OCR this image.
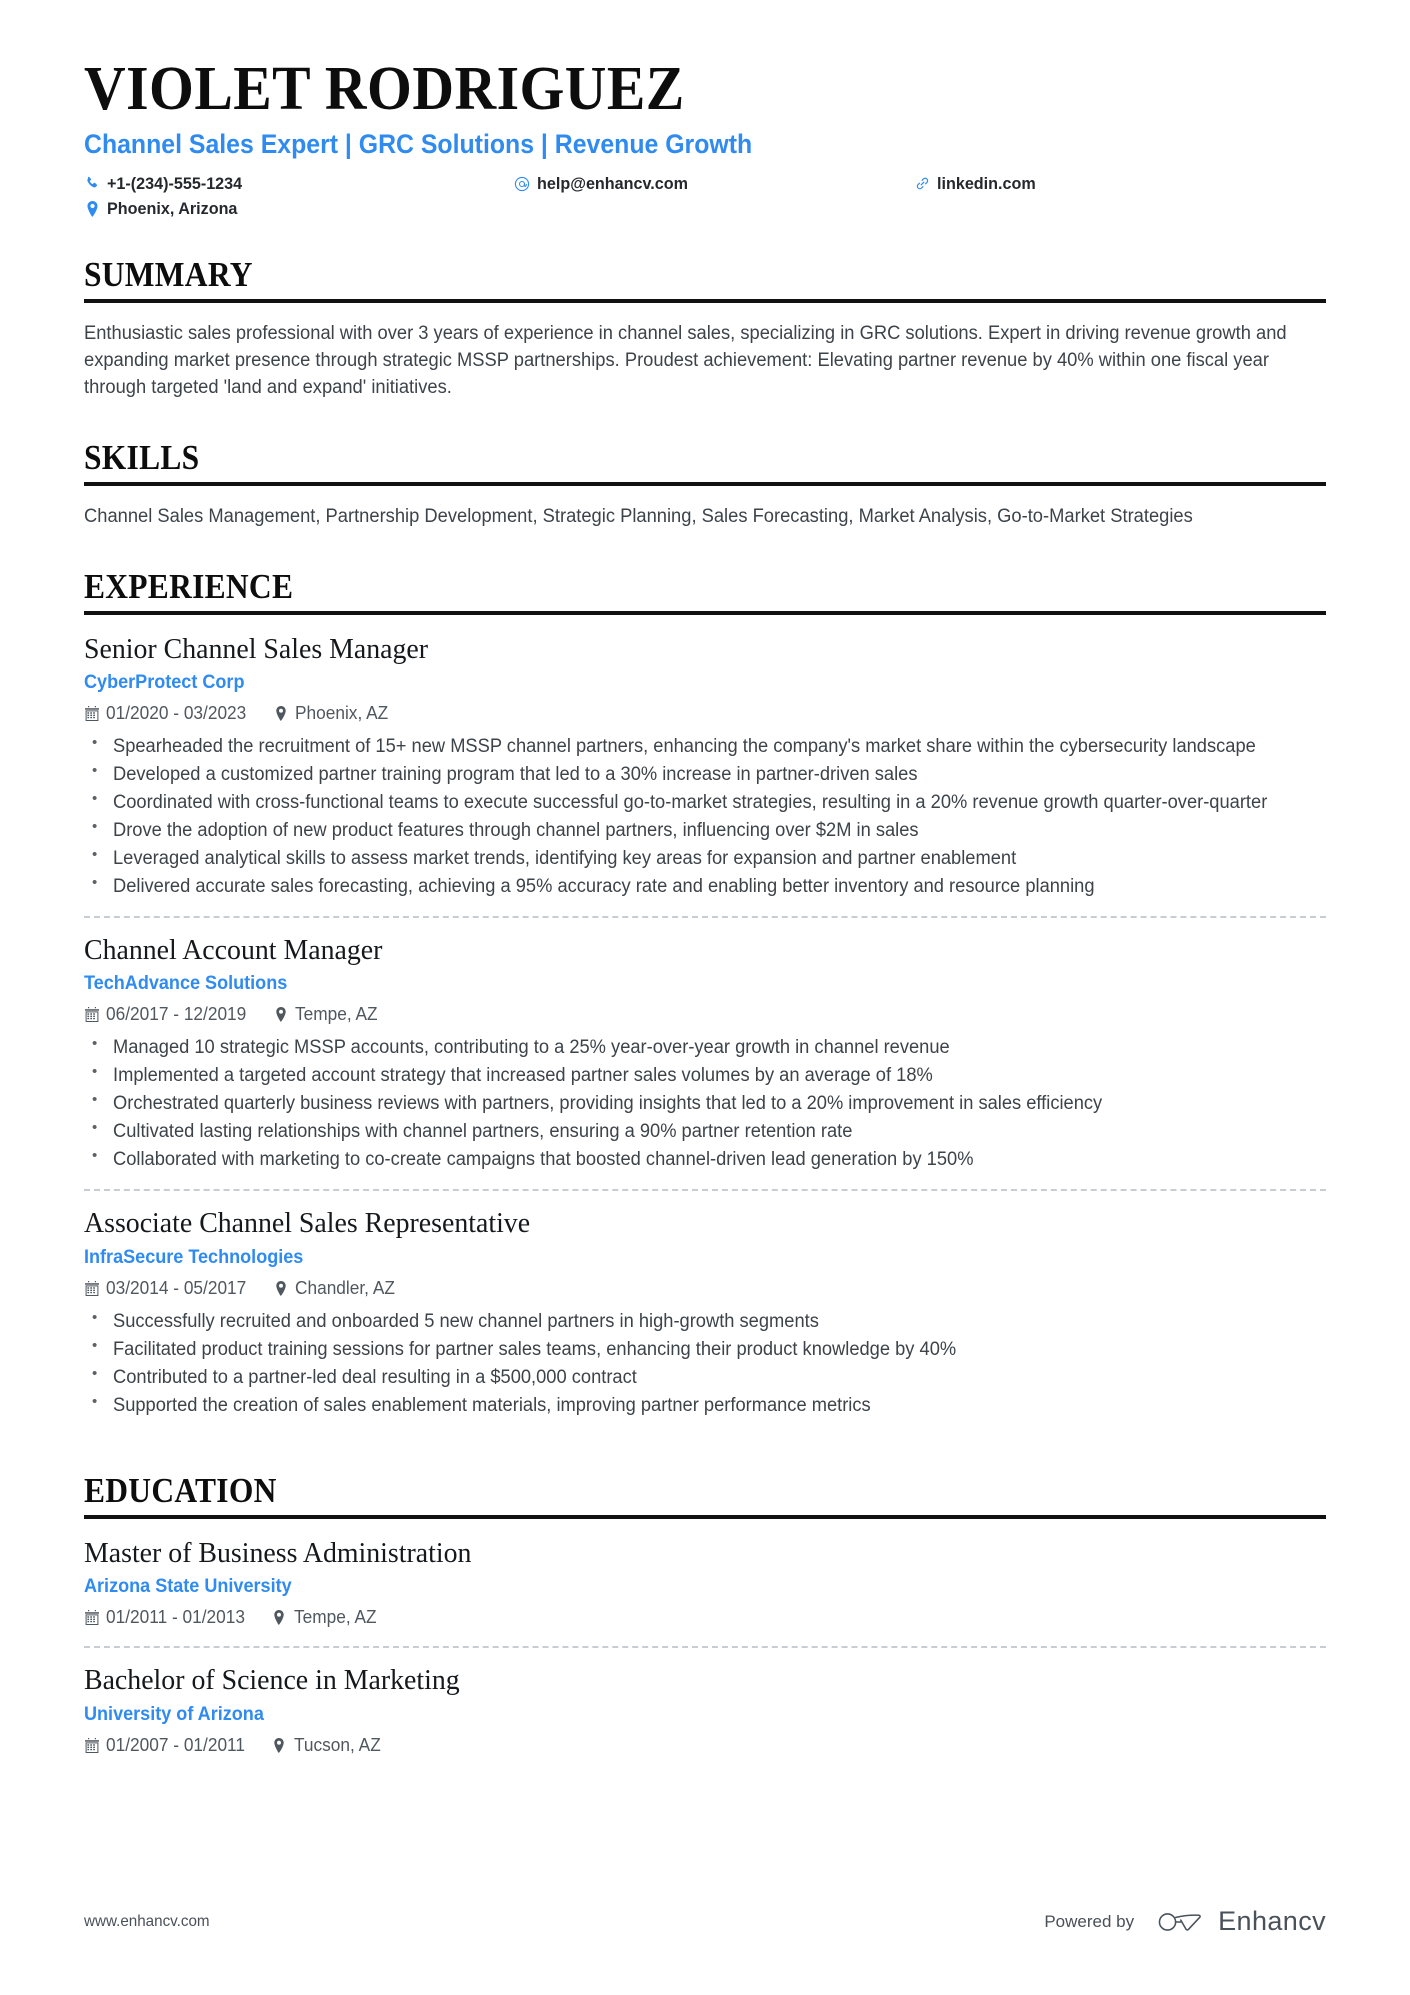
VIOLET RODRIGUEZ
Channel Sales Expert | GRC Solutions | Revenue Growth
+1-(234)-555-1234	help@enhancv.com	linkedin.com
Phoenix, Arizona
SUMMARY

Enthusiastic sales professional with over 3 years of experience in channel sales, specializing in GRC solutions. Expert in driving revenue growth and expanding market presence through strategic MSSP partnerships. Proudest achievement: Elevating partner revenue by 40% within one fiscal year through targeted 'land and expand' initiatives.

SKILLS

Channel Sales Management, Partnership Development, Strategic Planning, Sales Forecasting, Market Analysis, Go-to-Market Strategies

EXPERIENCE
Senior Channel Sales Manager
CyberProtect Corp
01/2020 - 03/2023	Phoenix, AZ
• Spearheaded the recruitment of 15+ new MSSP channel partners, enhancing the company's market share within the cybersecurity landscape
• Developed a customized partner training program that led to a 30% increase in partner-driven sales
• Coordinated with cross-functional teams to execute successful go-to-market strategies, resulting in a 20% revenue growth quarter-over-quarter
• Drove the adoption of new product features through channel partners, influencing over $2M in sales
• Leveraged analytical skills to assess market trends, identifying key areas for expansion and partner enablement
• Delivered accurate sales forecasting, achieving a 95% accuracy rate and enabling better inventory and resource planning
Channel Account Manager
TechAdvance Solutions
06/2017 - 12/2019	Tempe, AZ
• Managed 10 strategic MSSP accounts, contributing to a 25% year-over-year growth in channel revenue
• Implemented a targeted account strategy that increased partner sales volumes by an average of 18%
• Orchestrated quarterly business reviews with partners, providing insights that led to a 20% improvement in sales efficiency
• Cultivated lasting relationships with channel partners, ensuring a 90% partner retention rate
• Collaborated with marketing to co-create campaigns that boosted channel-driven lead generation by 150%
Associate Channel Sales Representative
InfraSecure Technologies
03/2014 - 05/2017	Chandler, AZ
• Successfully recruited and onboarded 5 new channel partners in high-growth segments
• Facilitated product training sessions for partner sales teams, enhancing their product knowledge by 40%
• Contributed to a partner-led deal resulting in a $500,000 contract
• Supported the creation of sales enablement materials, improving partner performance metrics
EDUCATION
Master of Business Administration
Arizona State University
01/2011 - 01/2013	Tempe, AZ
Bachelor of Science in Marketing
University of Arizona
01/2007 - 01/2011	Tucson, AZ
www.enhancv.com	Powered by	Enhancv
